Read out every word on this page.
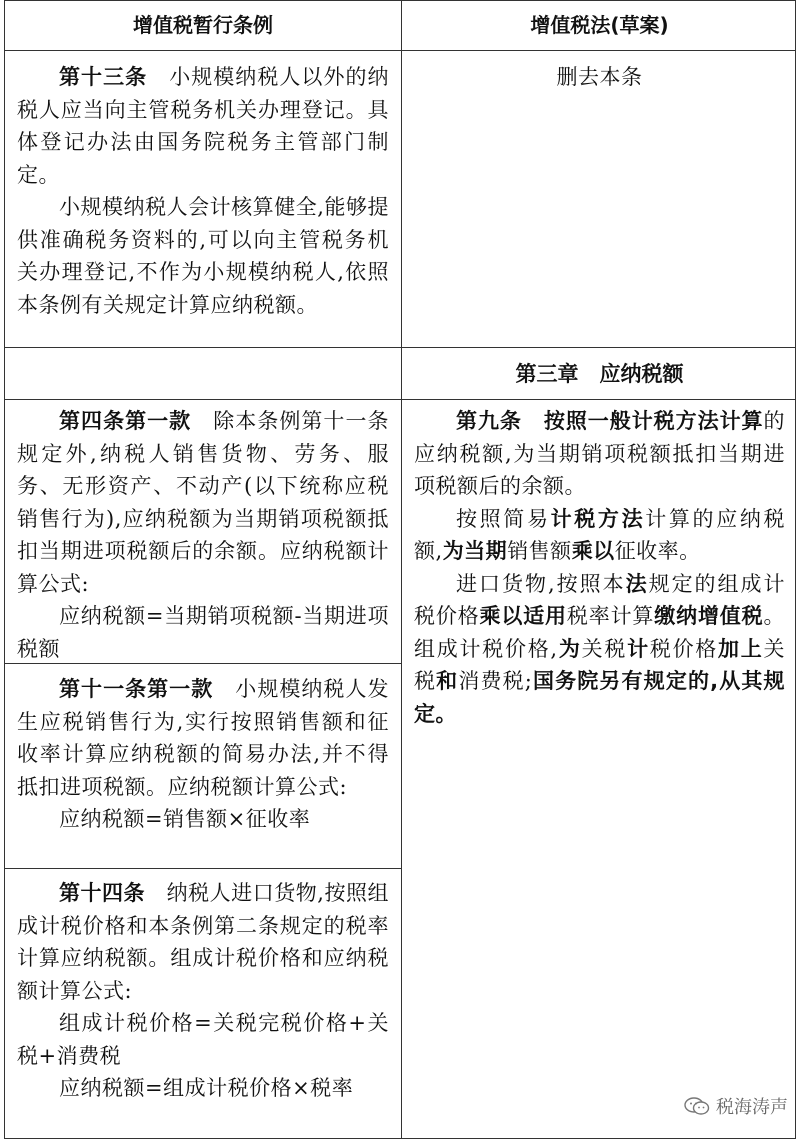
增值税暂行条例	增值税法(草案)

第十三条　小规模纳税人以外的纳税人应当向主管税务机关办理登记。具体登记办法由国务院税务主管部门制定。

小规模纳税人会计核算健全,能够提供准确税务资料的,可以向主管税务机关办理登记,不作为小规模纳税人,依照本条例有关规定计算应纳税额。

删去本条

第三章　应纳税额

第四条第一款　除本条例第十一条规定外,纳税人销售货物、劳务、服务、无形资产、不动产(以下统称应税销售行为),应纳税额为当期销项税额抵扣当期进项税额后的余额。应纳税额计算公式:

应纳税额=当期销项税额-当期进项税额

第十一条第一款　小规模纳税人发生应税销售行为,实行按照销售额和征收率计算应纳税额的简易办法,并不得抵扣进项税额。应纳税额计算公式:

应纳税额=销售额×征收率

第十四条　纳税人进口货物,按照组成计税价格和本条例第二条规定的税率计算应纳税额。组成计税价格和应纳税额计算公式:

组成计税价格=关税完税价格+关税+消费税

应纳税额=组成计税价格×税率

第九条　按照一般计税方法计算的应纳税额,为当期销项税额抵扣当期进项税额后的余额。

按照简易计税方法计算的应纳税额,为当期销售额乘以征收率。

进口货物,按照本法规定的组成计税价格乘以适用税率计算缴纳增值税。组成计税价格,为关税计税价格加上关税和消费税;国务院另有规定的,从其规定。

税海涛声
